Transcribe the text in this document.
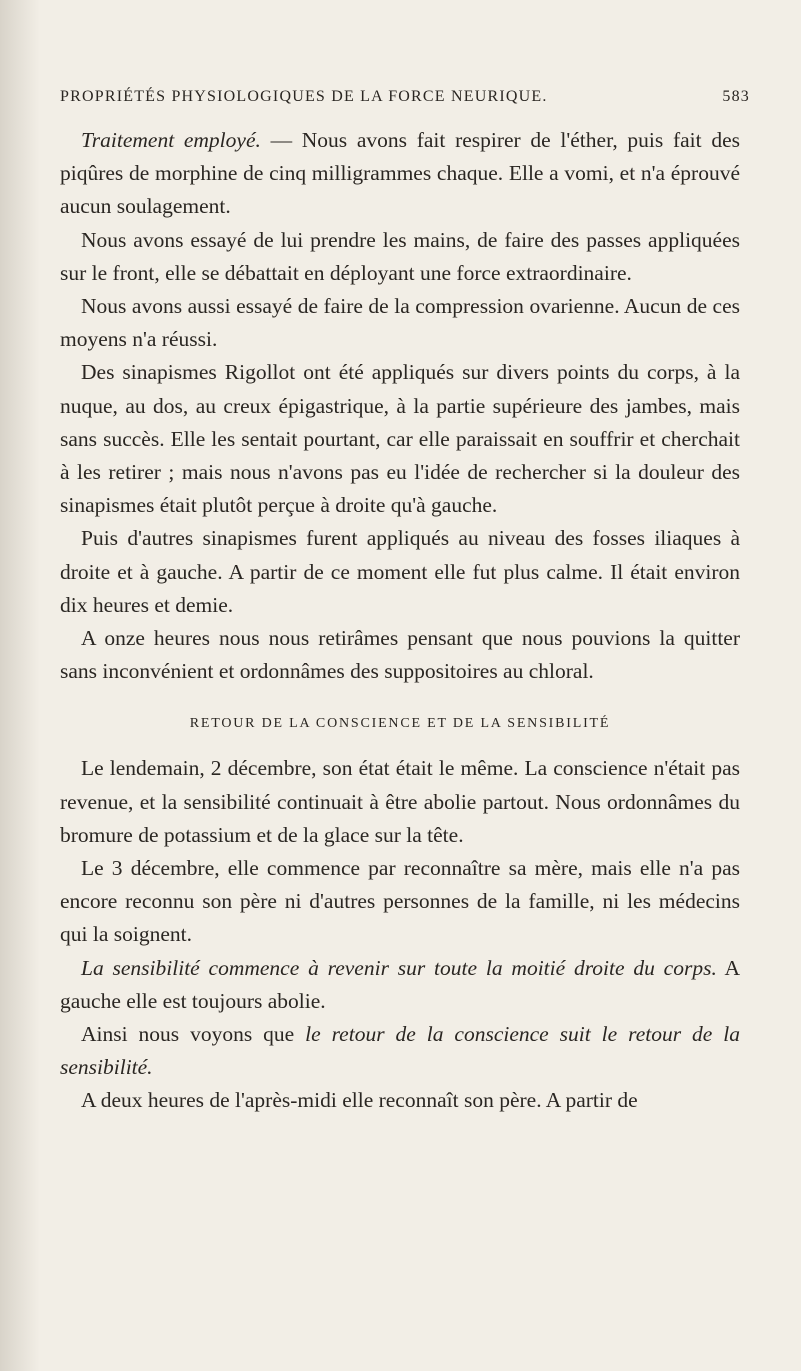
PROPRIÉTÉS PHYSIOLOGIQUES DE LA FORCE NEURIQUE.	583

Traitement employé. — Nous avons fait respirer de l'éther, puis fait des piqûres de morphine de cinq milligrammes chaque. Elle a vomi, et n'a éprouvé aucun soulagement.

Nous avons essayé de lui prendre les mains, de faire des passes appliquées sur le front, elle se débattait en déployant une force extraordinaire.

Nous avons aussi essayé de faire de la compression ovarienne. Aucun de ces moyens n'a réussi.

Des sinapismes Rigollot ont été appliqués sur divers points du corps, à la nuque, au dos, au creux épigastrique, à la partie supérieure des jambes, mais sans succès. Elle les sentait pourtant, car elle paraissait en souffrir et cherchait à les retirer ; mais nous n'avons pas eu l'idée de rechercher si la douleur des sinapismes était plutôt perçue à droite qu'à gauche.

Puis d'autres sinapismes furent appliqués au niveau des fosses iliaques à droite et à gauche. A partir de ce moment elle fut plus calme. Il était environ dix heures et demie.

A onze heures nous nous retirâmes pensant que nous pouvions la quitter sans inconvénient et ordonnâmes des suppositoires au chloral.

RETOUR DE LA CONSCIENCE ET DE LA SENSIBILITÉ

Le lendemain, 2 décembre, son état était le même. La conscience n'était pas revenue, et la sensibilité continuait à être abolie partout. Nous ordonnâmes du bromure de potassium et de la glace sur la tête.

Le 3 décembre, elle commence par reconnaître sa mère, mais elle n'a pas encore reconnu son père ni d'autres personnes de la famille, ni les médecins qui la soignent.

La sensibilité commence à revenir sur toute la moitié droite du corps. A gauche elle est toujours abolie.

Ainsi nous voyons que le retour de la conscience suit le retour de la sensibilité.

A deux heures de l'après-midi elle reconnaît son père. A partir de
